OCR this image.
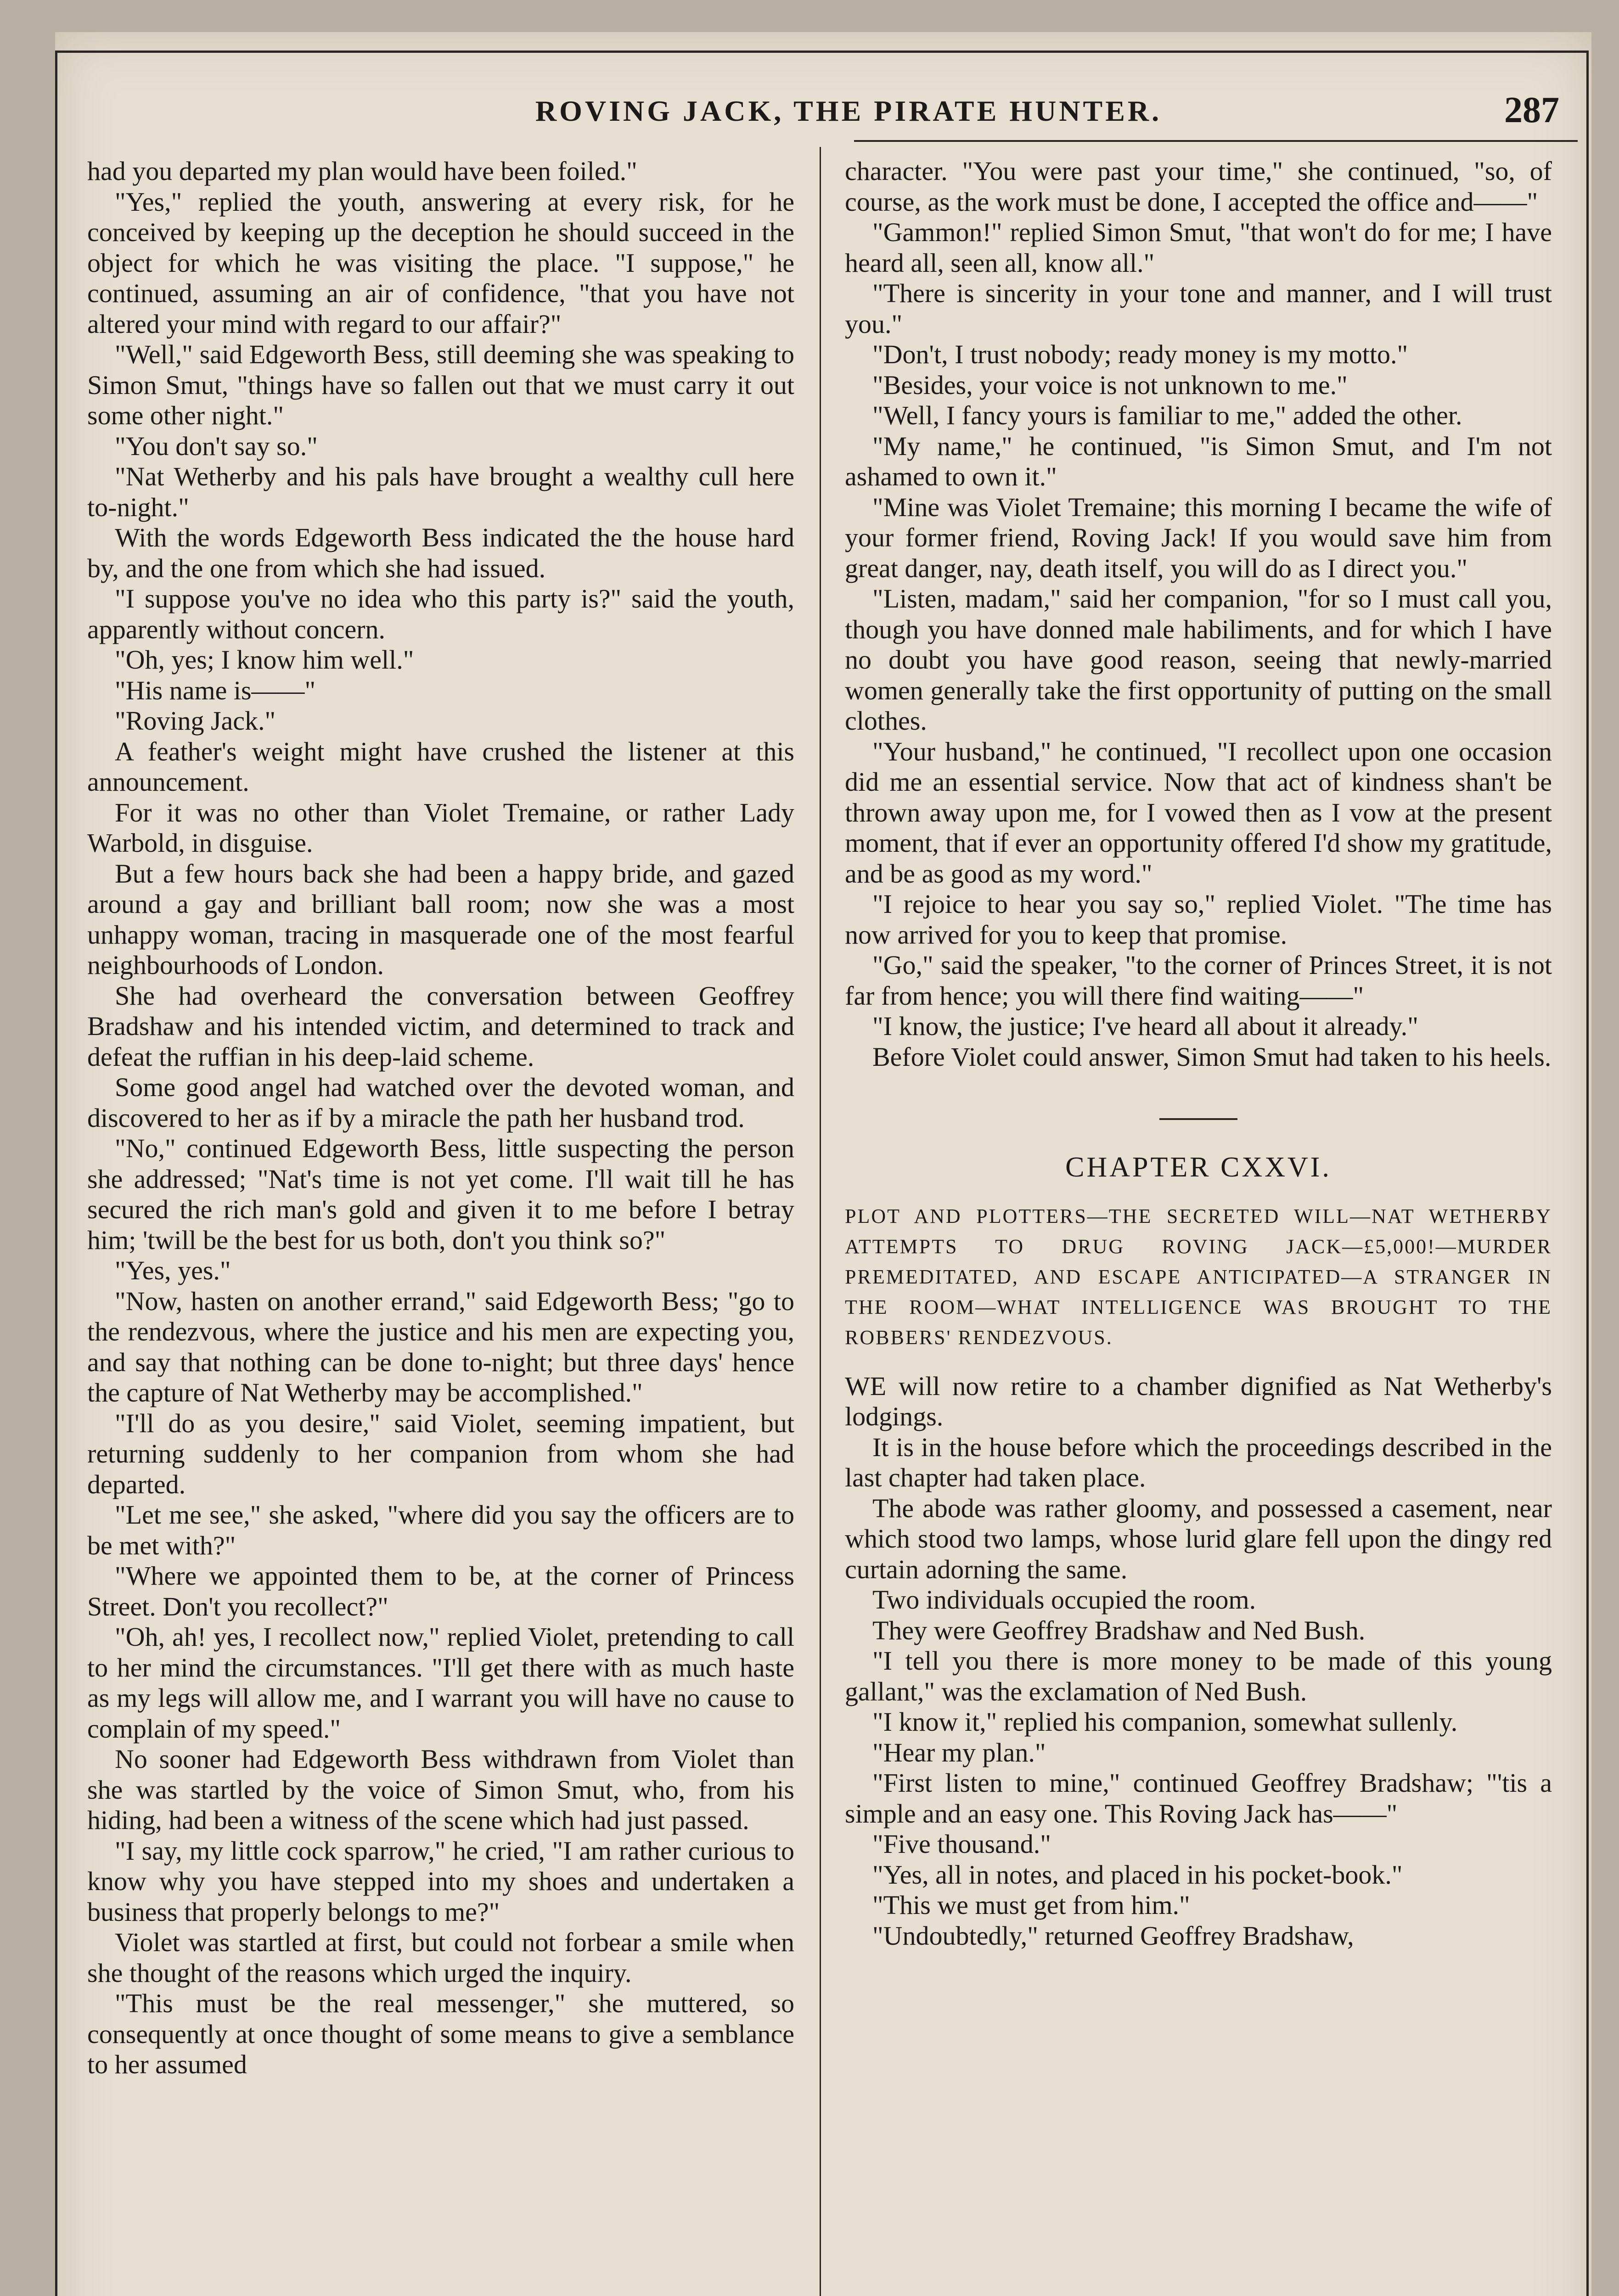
ROVING JACK, THE PIRATE HUNTER.	287

had you departed my plan would have been foiled."

"Yes," replied the youth, answering at every risk, for he conceived by keeping up the deception he should succeed in the object for which he was visiting the place. "I suppose," he continued, assuming an air of confidence, "that you have not altered your mind with regard to our affair?"

"Well," said Edgeworth Bess, still deeming she was speaking to Simon Smut, "things have so fallen out that we must carry it out some other night."

"You don't say so."

"Nat Wetherby and his pals have brought a wealthy cull here to-night."

With the words Edgeworth Bess indicated the the house hard by, and the one from which she had issued.

"I suppose you've no idea who this party is?" said the youth, apparently without concern.

"Oh, yes; I know him well."

"His name is——"

"Roving Jack."

A feather's weight might have crushed the listener at this announcement.

For it was no other than Violet Tremaine, or rather Lady Warbold, in disguise.

But a few hours back she had been a happy bride, and gazed around a gay and brilliant ball room; now she was a most unhappy woman, tracing in masquerade one of the most fearful neighbourhoods of London.

She had overheard the conversation between Geoffrey Bradshaw and his intended victim, and determined to track and defeat the ruffian in his deep-laid scheme.

Some good angel had watched over the devoted woman, and discovered to her as if by a miracle the path her husband trod.

"No," continued Edgeworth Bess, little suspecting the person she addressed; "Nat's time is not yet come. I'll wait till he has secured the rich man's gold and given it to me before I betray him; 'twill be the best for us both, don't you think so?"

"Yes, yes."

"Now, hasten on another errand," said Edgeworth Bess; "go to the rendezvous, where the justice and his men are expecting you, and say that nothing can be done to-night; but three days' hence the capture of Nat Wetherby may be accomplished."

"I'll do as you desire," said Violet, seeming impatient, but returning suddenly to her companion from whom she had departed.

"Let me see," she asked, "where did you say the officers are to be met with?"

"Where we appointed them to be, at the corner of Princess Street. Don't you recollect?"

"Oh, ah! yes, I recollect now," replied Violet, pretending to call to her mind the circumstances. "I'll get there with as much haste as my legs will allow me, and I warrant you will have no cause to complain of my speed."

No sooner had Edgeworth Bess withdrawn from Violet than she was startled by the voice of Simon Smut, who, from his hiding, had been a witness of the scene which had just passed.

"I say, my little cock sparrow," he cried, "I am rather curious to know why you have stepped into my shoes and undertaken a business that properly belongs to me?"

Violet was startled at first, but could not forbear a smile when she thought of the reasons which urged the inquiry.

"This must be the real messenger," she muttered, so consequently at once thought of some means to give a semblance to her assumed

character. "You were past your time," she continued, "so, of course, as the work must be done, I accepted the office and——"

"Gammon!" replied Simon Smut, "that won't do for me; I have heard all, seen all, know all."

"There is sincerity in your tone and manner, and I will trust you."

"Don't, I trust nobody; ready money is my motto."

"Besides, your voice is not unknown to me."

"Well, I fancy yours is familiar to me," added the other.

"My name," he continued, "is Simon Smut, and I'm not ashamed to own it."

"Mine was Violet Tremaine; this morning I became the wife of your former friend, Roving Jack! If you would save him from great danger, nay, death itself, you will do as I direct you."

"Listen, madam," said her companion, "for so I must call you, though you have donned male habiliments, and for which I have no doubt you have good reason, seeing that newly-married women generally take the first opportunity of putting on the small clothes.

"Your husband," he continued, "I recollect upon one occasion did me an essential service. Now that act of kindness shan't be thrown away upon me, for I vowed then as I vow at the present moment, that if ever an opportunity offered I'd show my gratitude, and be as good as my word."

"I rejoice to hear you say so," replied Violet. "The time has now arrived for you to keep that promise.

"Go," said the speaker, "to the corner of Princes Street, it is not far from hence; you will there find waiting——"

"I know, the justice; I've heard all about it already."

Before Violet could answer, Simon Smut had taken to his heels.

CHAPTER CXXVI.
PLOT AND PLOTTERS—THE SECRETED WILL—NAT WETHERBY ATTEMPTS TO DRUG ROVING JACK—£5,000!—MURDER PREMEDITATED, AND ESCAPE ANTICIPATED—A STRANGER IN THE ROOM—WHAT INTELLIGENCE WAS BROUGHT TO THE ROBBERS' RENDEZVOUS.

WE will now retire to a chamber dignified as Nat Wetherby's lodgings.

It is in the house before which the proceedings described in the last chapter had taken place.

The abode was rather gloomy, and possessed a casement, near which stood two lamps, whose lurid glare fell upon the dingy red curtain adorning the same.

Two individuals occupied the room.

They were Geoffrey Bradshaw and Ned Bush.

"I tell you there is more money to be made of this young gallant," was the exclamation of Ned Bush.

"I know it," replied his companion, somewhat sullenly.

"Hear my plan."

"First listen to mine," continued Geoffrey Bradshaw; "'tis a simple and an easy one. This Roving Jack has——"

"Five thousand."

"Yes, all in notes, and placed in his pocket-book."

"This we must get from him."

"Undoubtedly," returned Geoffrey Bradshaw,
